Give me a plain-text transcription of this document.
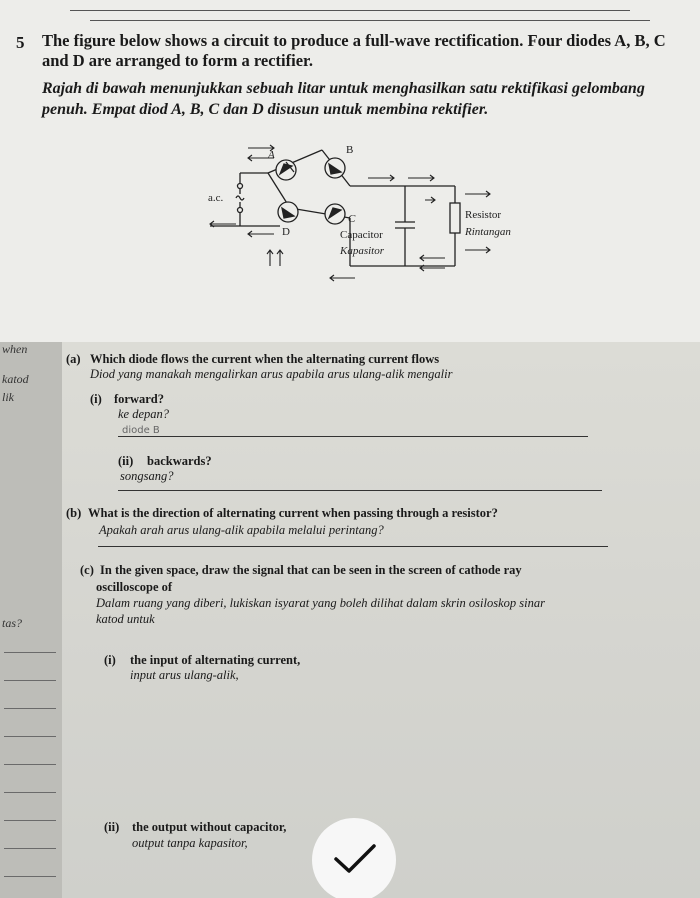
5 The figure below shows a circuit to produce a full-wave rectification. Four diodes A, B, C and D are arranged to form a rectifier.
Rajah di bawah menunjukkan sebuah litar untuk menghasilkan satu rektifikasi gelombang penuh. Empat diod A, B, C dan D disusun untuk membina rektifier.
a.c.
A	B
D
C
Capacitor
Kapasitor
Resistor
Rintangan
when
katod
lik
tas?
(a) Which diode flows the current when the alternating current flows
Diod yang manakah mengalirkan arus apabila arus ulang-alik mengalir
(i) forward?
ke depan?
diode B
(ii) backwards?
songsang?
(b) What is the direction of alternating current when passing through a resistor?
Apakah arah arus ulang-alik apabila melalui perintang?
(c) In the given space, draw the signal that can be seen in the screen of cathode ray
oscilloscope of
Dalam ruang yang diberi, lukiskan isyarat yang boleh dilihat dalam skrin osiloskop sinar
katod untuk
(i) the input of alternating current,
input arus ulang-alik,
(ii) the output without capacitor,
output tanpa kapasitor,
